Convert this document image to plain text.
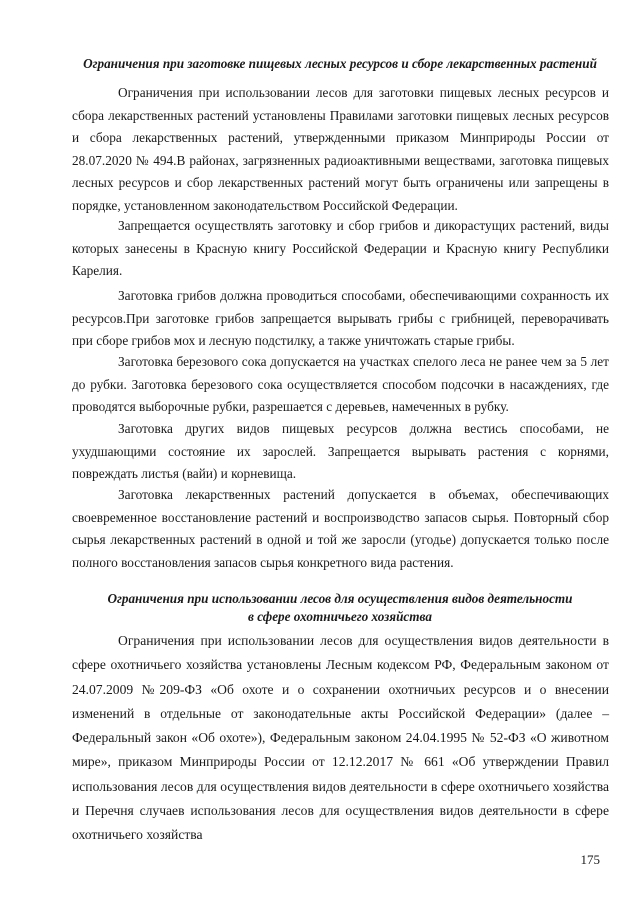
Ограничения при заготовке пищевых лесных ресурсов и сборе лекарственных растений

Ограничения при использовании лесов для заготовки пищевых лесных ресурсов и сбора лекарственных растений установлены Правилами заготовки пищевых лесных ресурсов и сбора лекарственных растений, утвержденными приказом Минприроды России от 28.07.2020 № 494.В районах, загрязненных радиоактивными веществами, заготовка пищевых лесных ресурсов и сбор лекарственных растений могут быть ограничены или запрещены в порядке, установленном законодательством Российской Федерации.

Запрещается осуществлять заготовку и сбор грибов и дикорастущих растений, виды которых занесены в Красную книгу Российской Федерации и Красную книгу Республики Карелия.

Заготовка грибов должна проводиться способами, обеспечивающими сохранность их ресурсов.При заготовке грибов запрещается вырывать грибы с грибницей, переворачивать при сборе грибов мох и лесную подстилку, а также уничтожать старые грибы.

Заготовка березового сока допускается на участках спелого леса не ранее чем за 5 лет до рубки. Заготовка березового сока осуществляется способом подсочки в насаждениях, где проводятся выборочные рубки, разрешается с деревьев, намеченных в рубку.

Заготовка других видов пищевых ресурсов должна вестись способами, не ухудшающими состояние их зарослей. Запрещается вырывать растения с корнями, повреждать листья (вайи) и корневища.

Заготовка лекарственных растений допускается в объемах, обеспечивающих своевременное восстановление растений и воспроизводство запасов сырья. Повторный сбор сырья лекарственных растений в одной и той же заросли (угодье) допускается только после полного восстановления запасов сырья конкретного вида растения.

Ограничения при использовании лесов для осуществления видов деятельности
в сфере охотничьего хозяйства

Ограничения при использовании лесов для осуществления видов деятельности в сфере охотничьего хозяйства установлены Лесным кодексом РФ, Федеральным законом от 24.07.2009 №209-ФЗ «Об охоте и о сохранении охотничьих ресурсов и о внесении изменений в отдельные от законодательные акты Российской Федерации» (далее – Федеральный закон «Об охоте»), Федеральным законом 24.04.1995 № 52-ФЗ «О животном мире», приказом Минприроды России от 12.12.2017 № 661 «Об утверждении Правил использования лесов для осуществления видов деятельности в сфере охотничьего хозяйства и Перечня случаев использования лесов для осуществления видов деятельности в сфере охотничьего хозяйства

175
